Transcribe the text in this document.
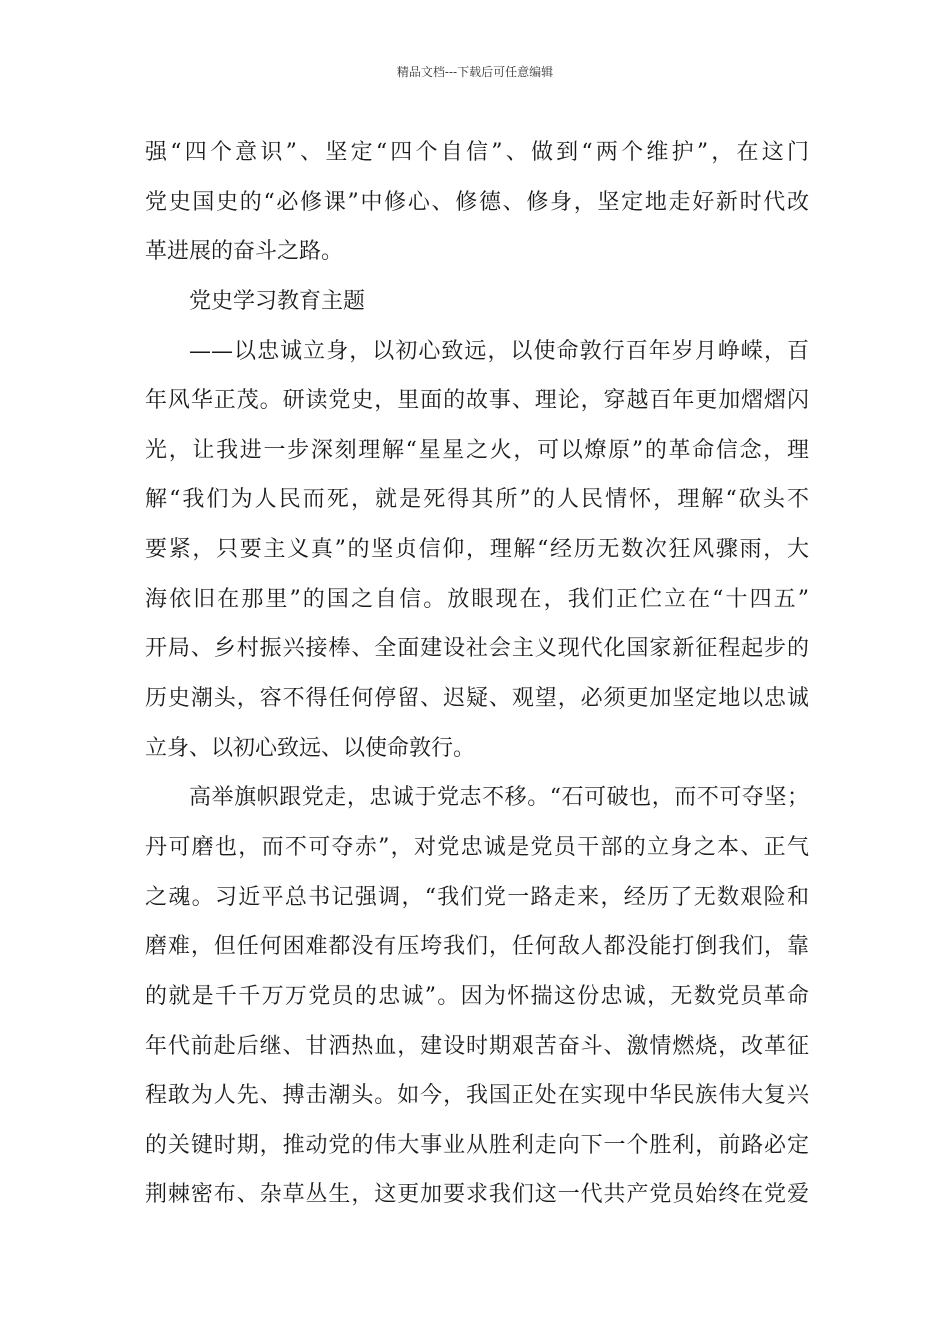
精品文档---下载后可任意编辑
强“四个意识”、坚定“四个自信”、做到“两个维护”，在这门
党史国史的“必修课”中修心、修德、修身，坚定地走好新时代改
革进展的奋斗之路。
党史学习教育主题
——以忠诚立身，以初心致远，以使命敦行百年岁月峥嵘，百
年风华正茂。研读党史，里面的故事、理论，穿越百年更加熠熠闪
光，让我进一步深刻理解“星星之火，可以燎原”的革命信念，理
解“我们为人民而死，就是死得其所”的人民情怀，理解“砍头不
要紧，只要主义真”的坚贞信仰，理解“经历无数次狂风骤雨，大
海依旧在那里”的国之自信。放眼现在，我们正伫立在“十四五”
开局、乡村振兴接棒、全面建设社会主义现代化国家新征程起步的
历史潮头，容不得任何停留、迟疑、观望，必须更加坚定地以忠诚
立身、以初心致远、以使命敦行。
高举旗帜跟党走，忠诚于党志不移。“石可破也，而不可夺坚；
丹可磨也，而不可夺赤”，对党忠诚是党员干部的立身之本、正气
之魂。习近平总书记强调，“我们党一路走来，经历了无数艰险和
磨难，但任何困难都没有压垮我们，任何敌人都没能打倒我们，靠
的就是千千万万党员的忠诚”。因为怀揣这份忠诚，无数党员革命
年代前赴后继、甘洒热血，建设时期艰苦奋斗、激情燃烧，改革征
程敢为人先、搏击潮头。如今，我国正处在实现中华民族伟大复兴
的关键时期，推动党的伟大事业从胜利走向下一个胜利，前路必定
荆棘密布、杂草丛生，这更加要求我们这一代共产党员始终在党爱
